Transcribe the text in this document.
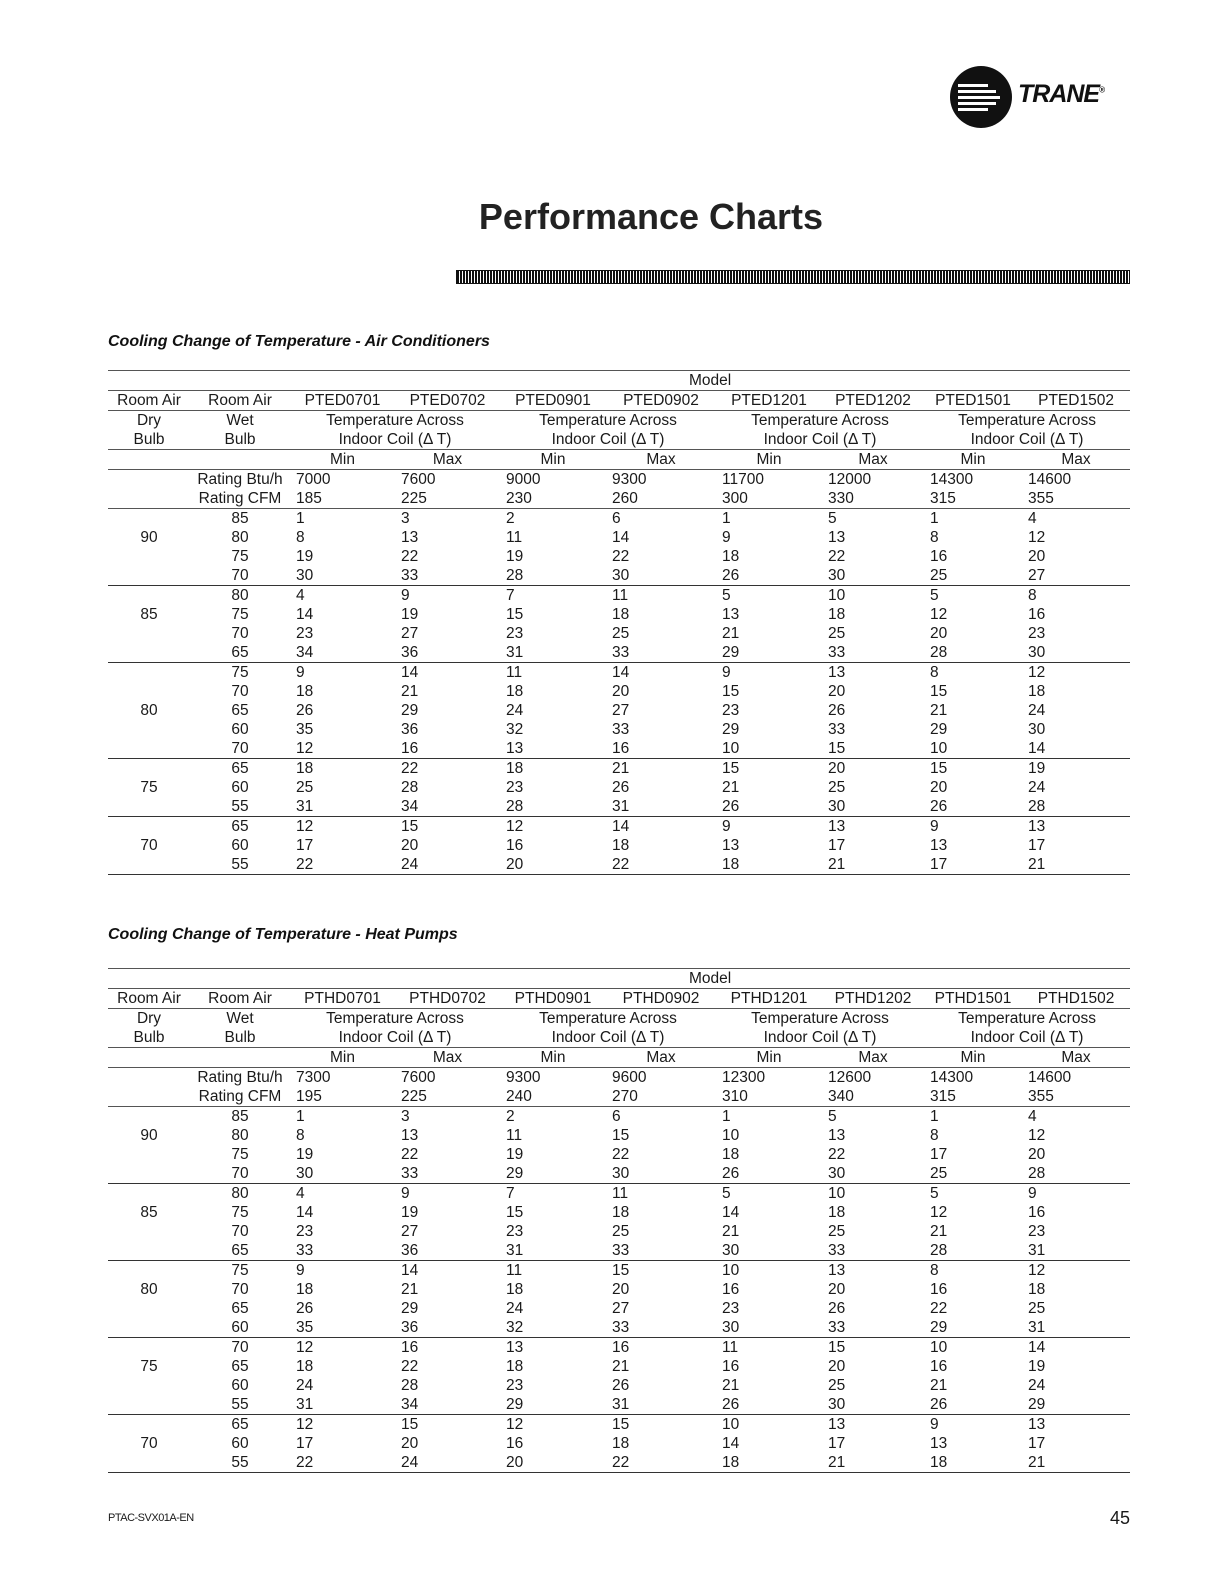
TRANE®
Performance Charts
Cooling Change of Temperature - Air Conditioners
		Model							
Room Air	Room Air	PTED0701	PTED0702	PTED0901	PTED0902	PTED1201	PTED1202	PTED1501	PTED1502
Dry	Wet	Temperature Across		Temperature Across		Temperature Across		Temperature Across	
Bulb	Bulb	Indoor Coil (Δ T)		Indoor Coil (Δ T)		Indoor Coil (Δ T)		Indoor Coil (Δ T)	
		Min	Max	Min	Max	Min	Max	Min	Max
	Rating Btu/h	7000	7600	9000	9300	11700	12000	14300	14600
	Rating CFM	185	225	230	260	300	330	315	355
	85	1	3	2	6	1	5	1	4
90	80	8	13	11	14	9	13	8	12
	75	19	22	19	22	18	22	16	20
	70	30	33	28	30	26	30	25	27
	80	4	9	7	11	5	10	5	8
85	75	14	19	15	18	13	18	12	16
	70	23	27	23	25	21	25	20	23
	65	34	36	31	33	29	33	28	30
	75	9	14	11	14	9	13	8	12
	70	18	21	18	20	15	20	15	18
80	65	26	29	24	27	23	26	21	24
	60	35	36	32	33	29	33	29	30
	70	12	16	13	16	10	15	10	14
	65	18	22	18	21	15	20	15	19
75	60	25	28	23	26	21	25	20	24
	55	31	34	28	31	26	30	26	28
	65	12	15	12	14	9	13	9	13
70	60	17	20	16	18	13	17	13	17
	55	22	24	20	22	18	21	17	21
Cooling Change of Temperature - Heat Pumps
		Model							
Room Air	Room Air	PTHD0701	PTHD0702	PTHD0901	PTHD0902	PTHD1201	PTHD1202	PTHD1501	PTHD1502
Dry	Wet	Temperature Across		Temperature Across		Temperature Across		Temperature Across	
Bulb	Bulb	Indoor Coil (Δ T)		Indoor Coil (Δ T)		Indoor Coil (Δ T)		Indoor Coil (Δ T)	
		Min	Max	Min	Max	Min	Max	Min	Max
	Rating Btu/h	7300	7600	9300	9600	12300	12600	14300	14600
	Rating CFM	195	225	240	270	310	340	315	355
	85	1	3	2	6	1	5	1	4
90	80	8	13	11	15	10	13	8	12
	75	19	22	19	22	18	22	17	20
	70	30	33	29	30	26	30	25	28
	80	4	9	7	11	5	10	5	9
85	75	14	19	15	18	14	18	12	16
	70	23	27	23	25	21	25	21	23
	65	33	36	31	33	30	33	28	31
	75	9	14	11	15	10	13	8	12
80	70	18	21	18	20	16	20	16	18
	65	26	29	24	27	23	26	22	25
	60	35	36	32	33	30	33	29	31
	70	12	16	13	16	11	15	10	14
75	65	18	22	18	21	16	20	16	19
	60	24	28	23	26	21	25	21	24
	55	31	34	29	31	26	30	26	29
	65	12	15	12	15	10	13	9	13
70	60	17	20	16	18	14	17	13	17
	55	22	24	20	22	18	21	18	21
PTAC-SVX01A-EN	45
